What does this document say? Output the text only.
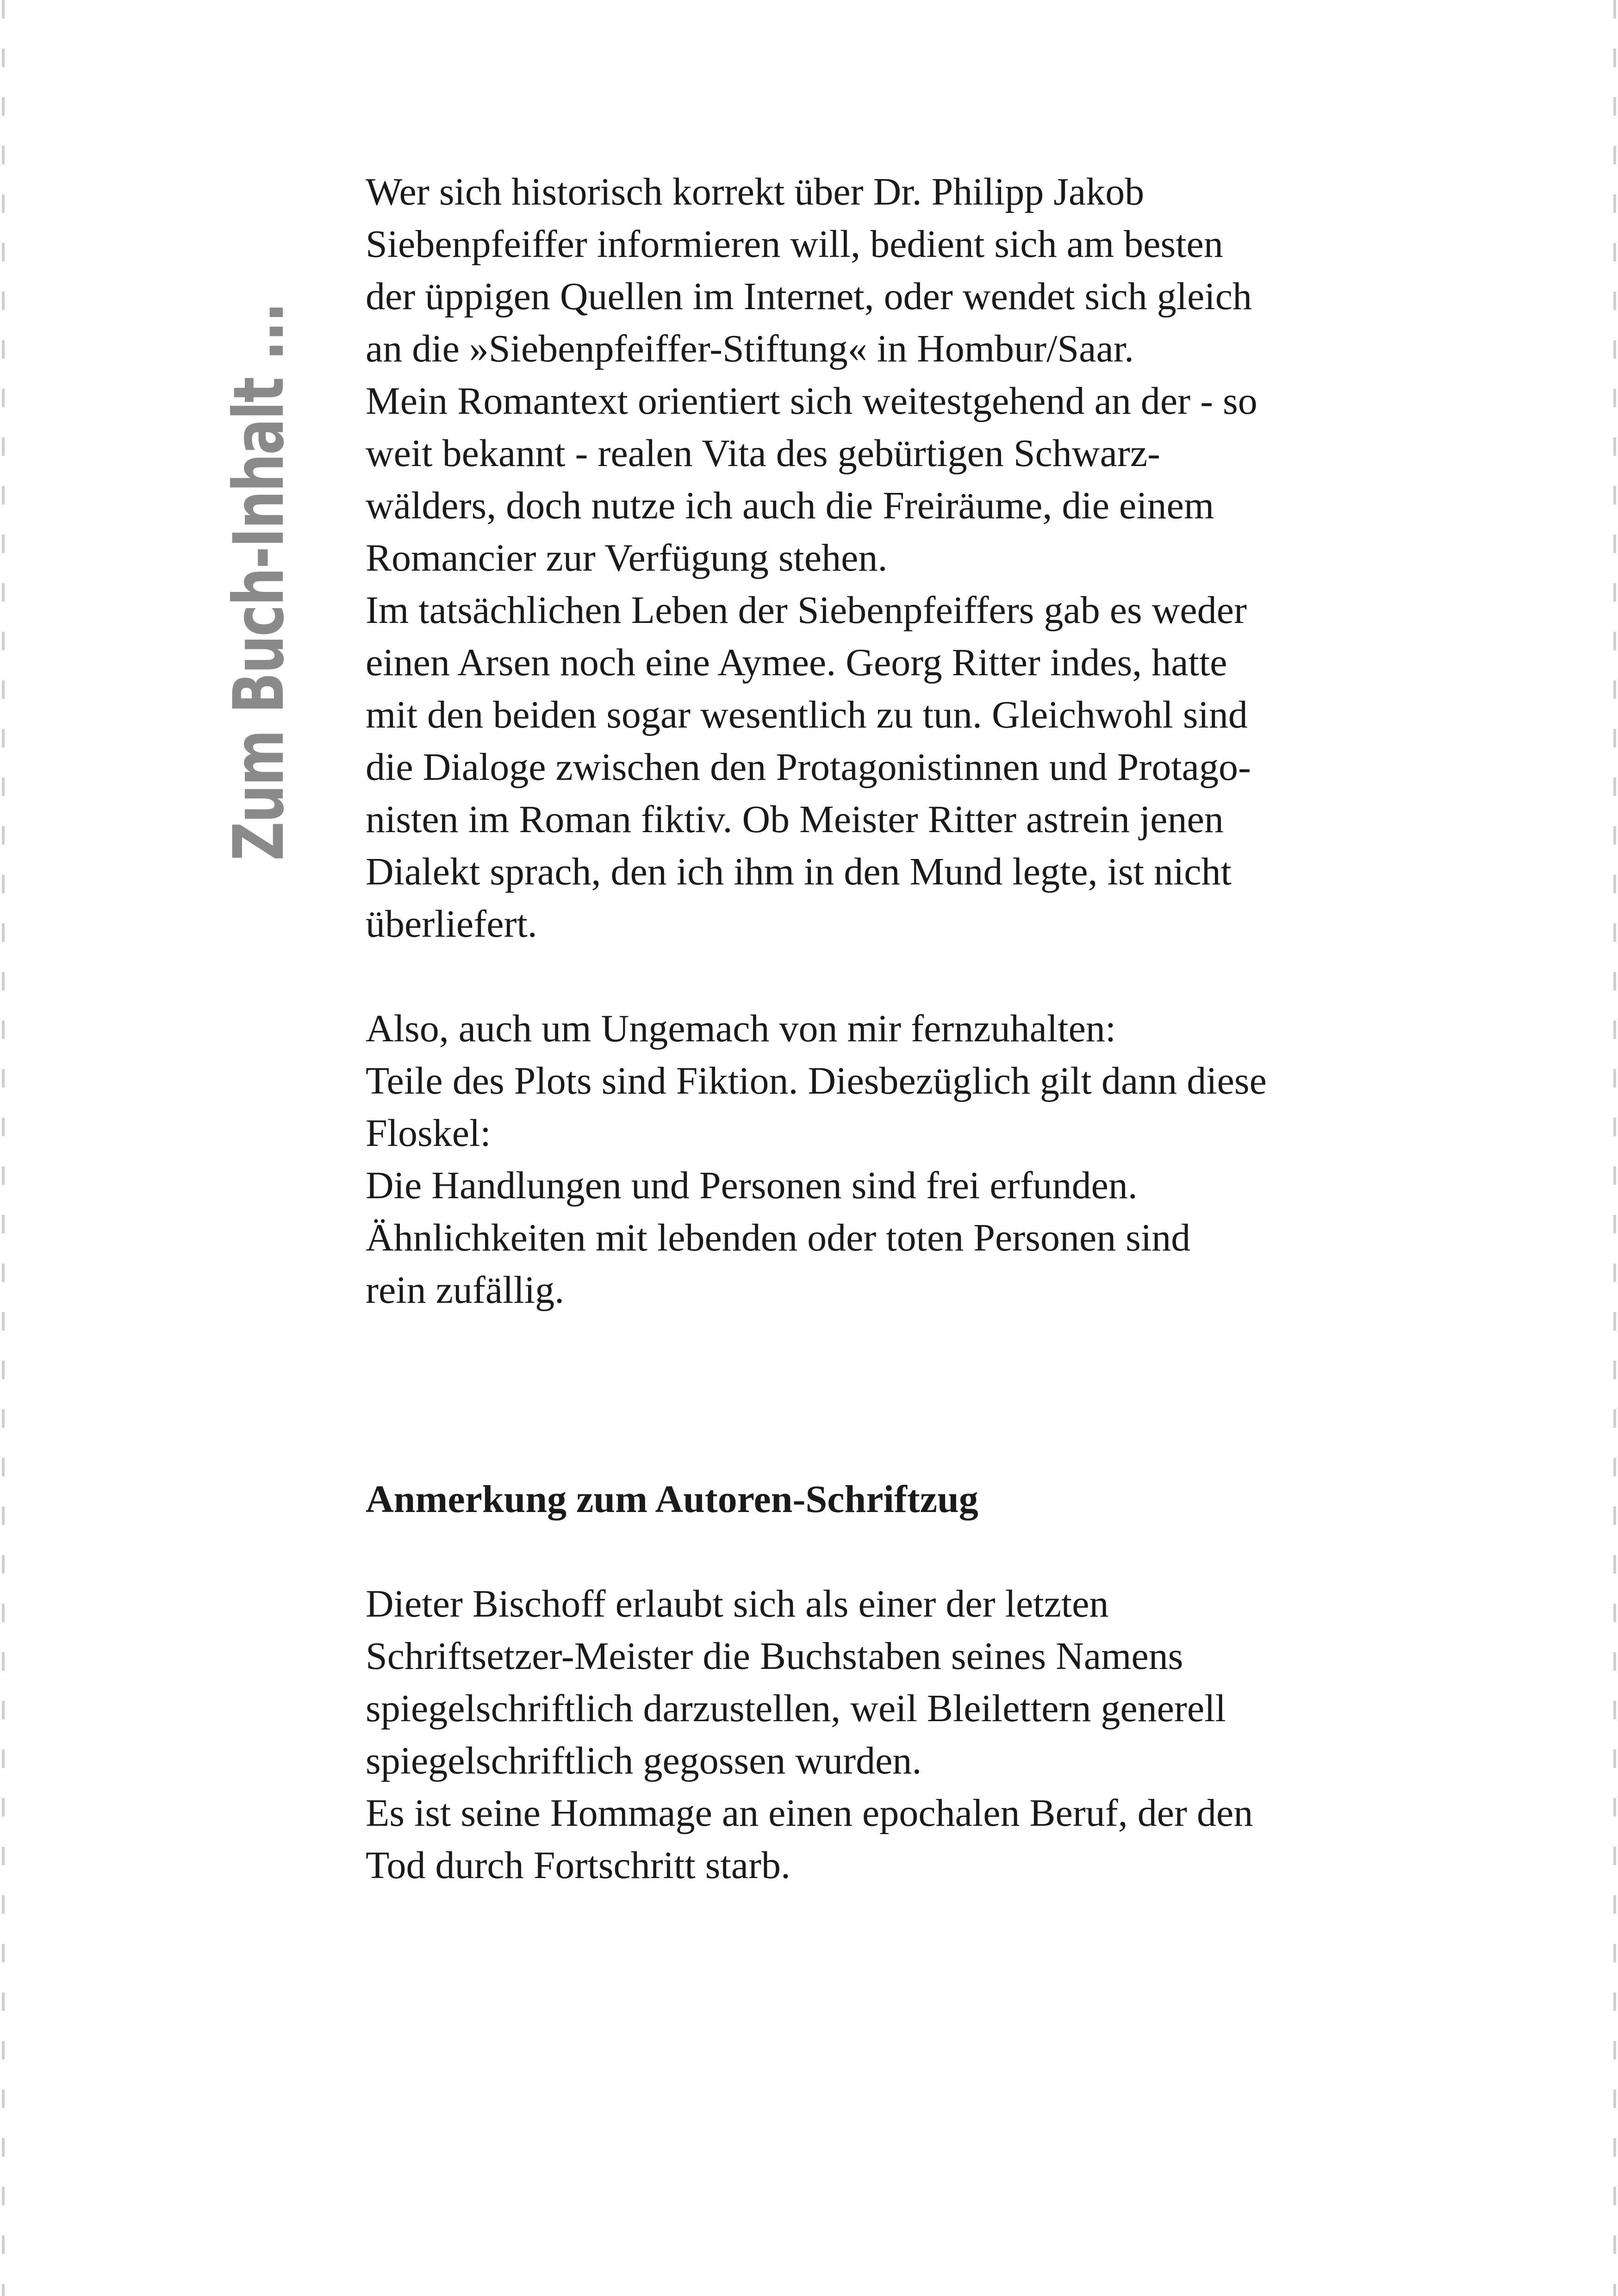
Zum Buch-Inhalt ...
Wer sich historisch korrekt über Dr. Philipp Jakob
Siebenpfeiffer informieren will, bedient sich am besten
der üppigen Quellen im Internet, oder wendet sich gleich
an die »Siebenpfeiffer-Stiftung« in Hombur/Saar.
Mein Romantext orientiert sich weitestgehend an der - so
weit bekannt - realen Vita des gebürtigen Schwarz-
wälders, doch nutze ich auch die Freiräume, die einem
Romancier zur Verfügung stehen.
Im tatsächlichen Leben der Siebenpfeiffers gab es weder
einen Arsen noch eine Aymee. Georg Ritter indes, hatte
mit den beiden sogar wesentlich zu tun. Gleichwohl sind
die Dialoge zwischen den Protagonistinnen und Protago-
nisten im Roman fiktiv. Ob Meister Ritter astrein jenen
Dialekt sprach, den ich ihm in den Mund legte, ist nicht
überliefert.
Also, auch um Ungemach von mir fernzuhalten:
Teile des Plots sind Fiktion. Diesbezüglich gilt dann diese
Floskel:
Die Handlungen und Personen sind frei erfunden.
Ähnlichkeiten mit lebenden oder toten Personen sind
rein zufällig.
Anmerkung zum Autoren-Schriftzug
Dieter Bischoff erlaubt sich als einer der letzten
Schriftsetzer-Meister die Buchstaben seines Namens
spiegelschriftlich darzustellen, weil Bleilettern generell
spiegelschriftlich gegossen wurden.
Es ist seine Hommage an einen epochalen Beruf, der den
Tod durch Fortschritt starb.
